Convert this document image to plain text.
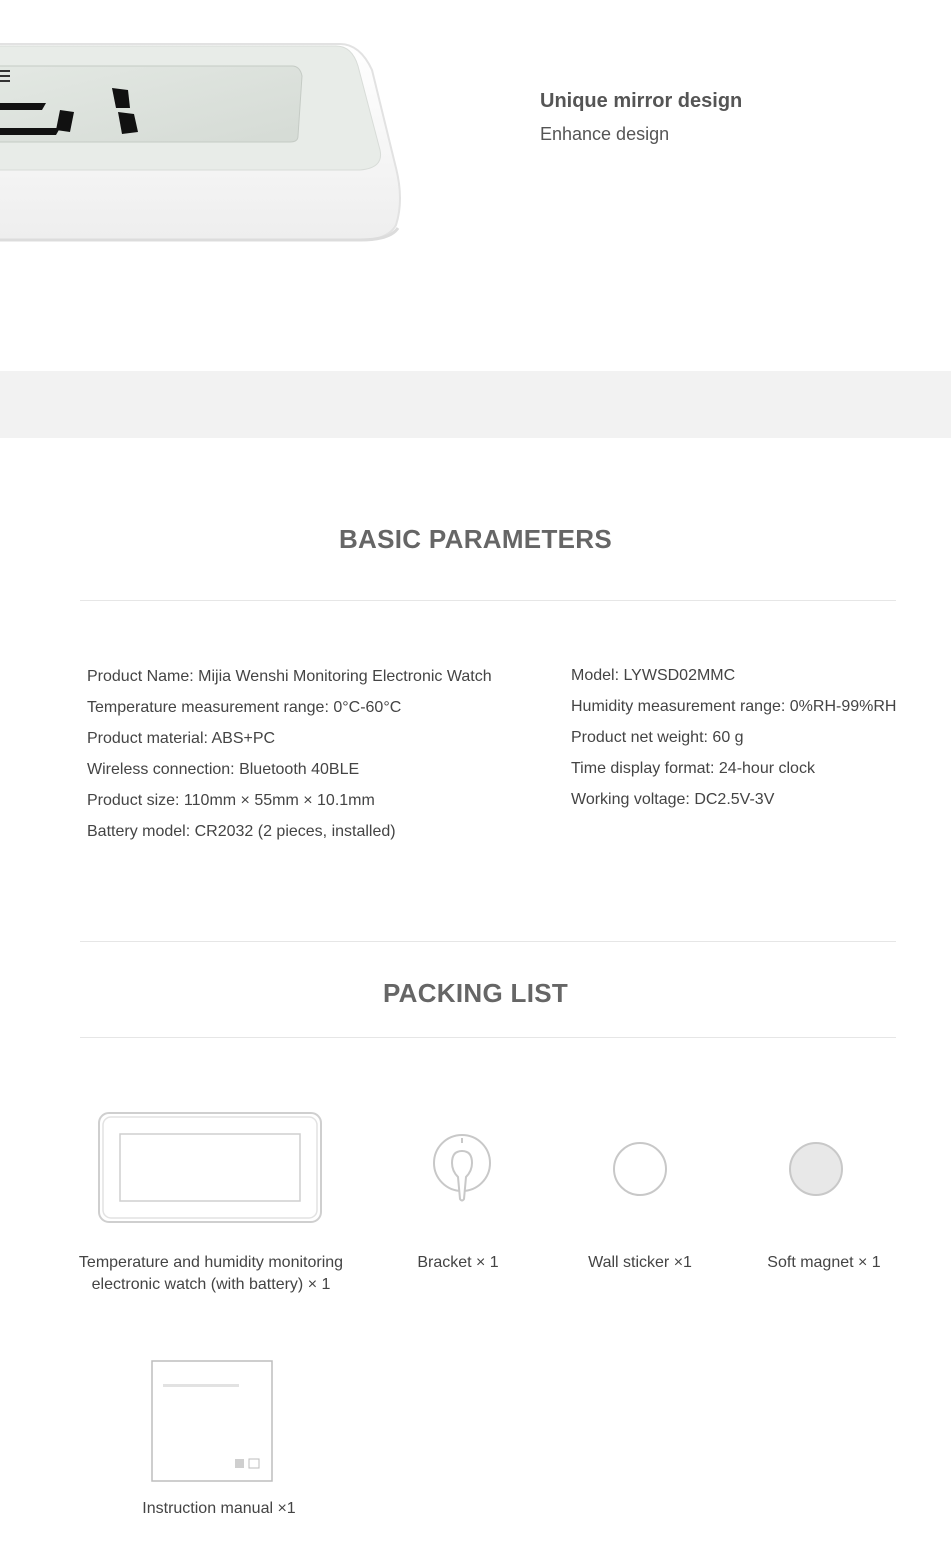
Unique mirror design
Enhance design
BASIC PARAMETERS
Product Name: Mijia Wenshi Monitoring Electronic Watch
Temperature measurement range: 0°C-60°C
Product material: ABS+PC
Wireless connection: Bluetooth 40BLE
Product size: 110mm × 55mm × 10.1mm
Battery model: CR2032 (2 pieces, installed)
Model: LYWSD02MMC
Humidity measurement range: 0%RH-99%RH
Product net weight: 60 g
Time display format: 24-hour clock
Working voltage: DC2.5V-3V
PACKING LIST
Temperature and humidity monitoring
electronic watch (with battery) × 1
Bracket × 1	Wall sticker ×1	Soft magnet × 1
Instruction manual ×1
